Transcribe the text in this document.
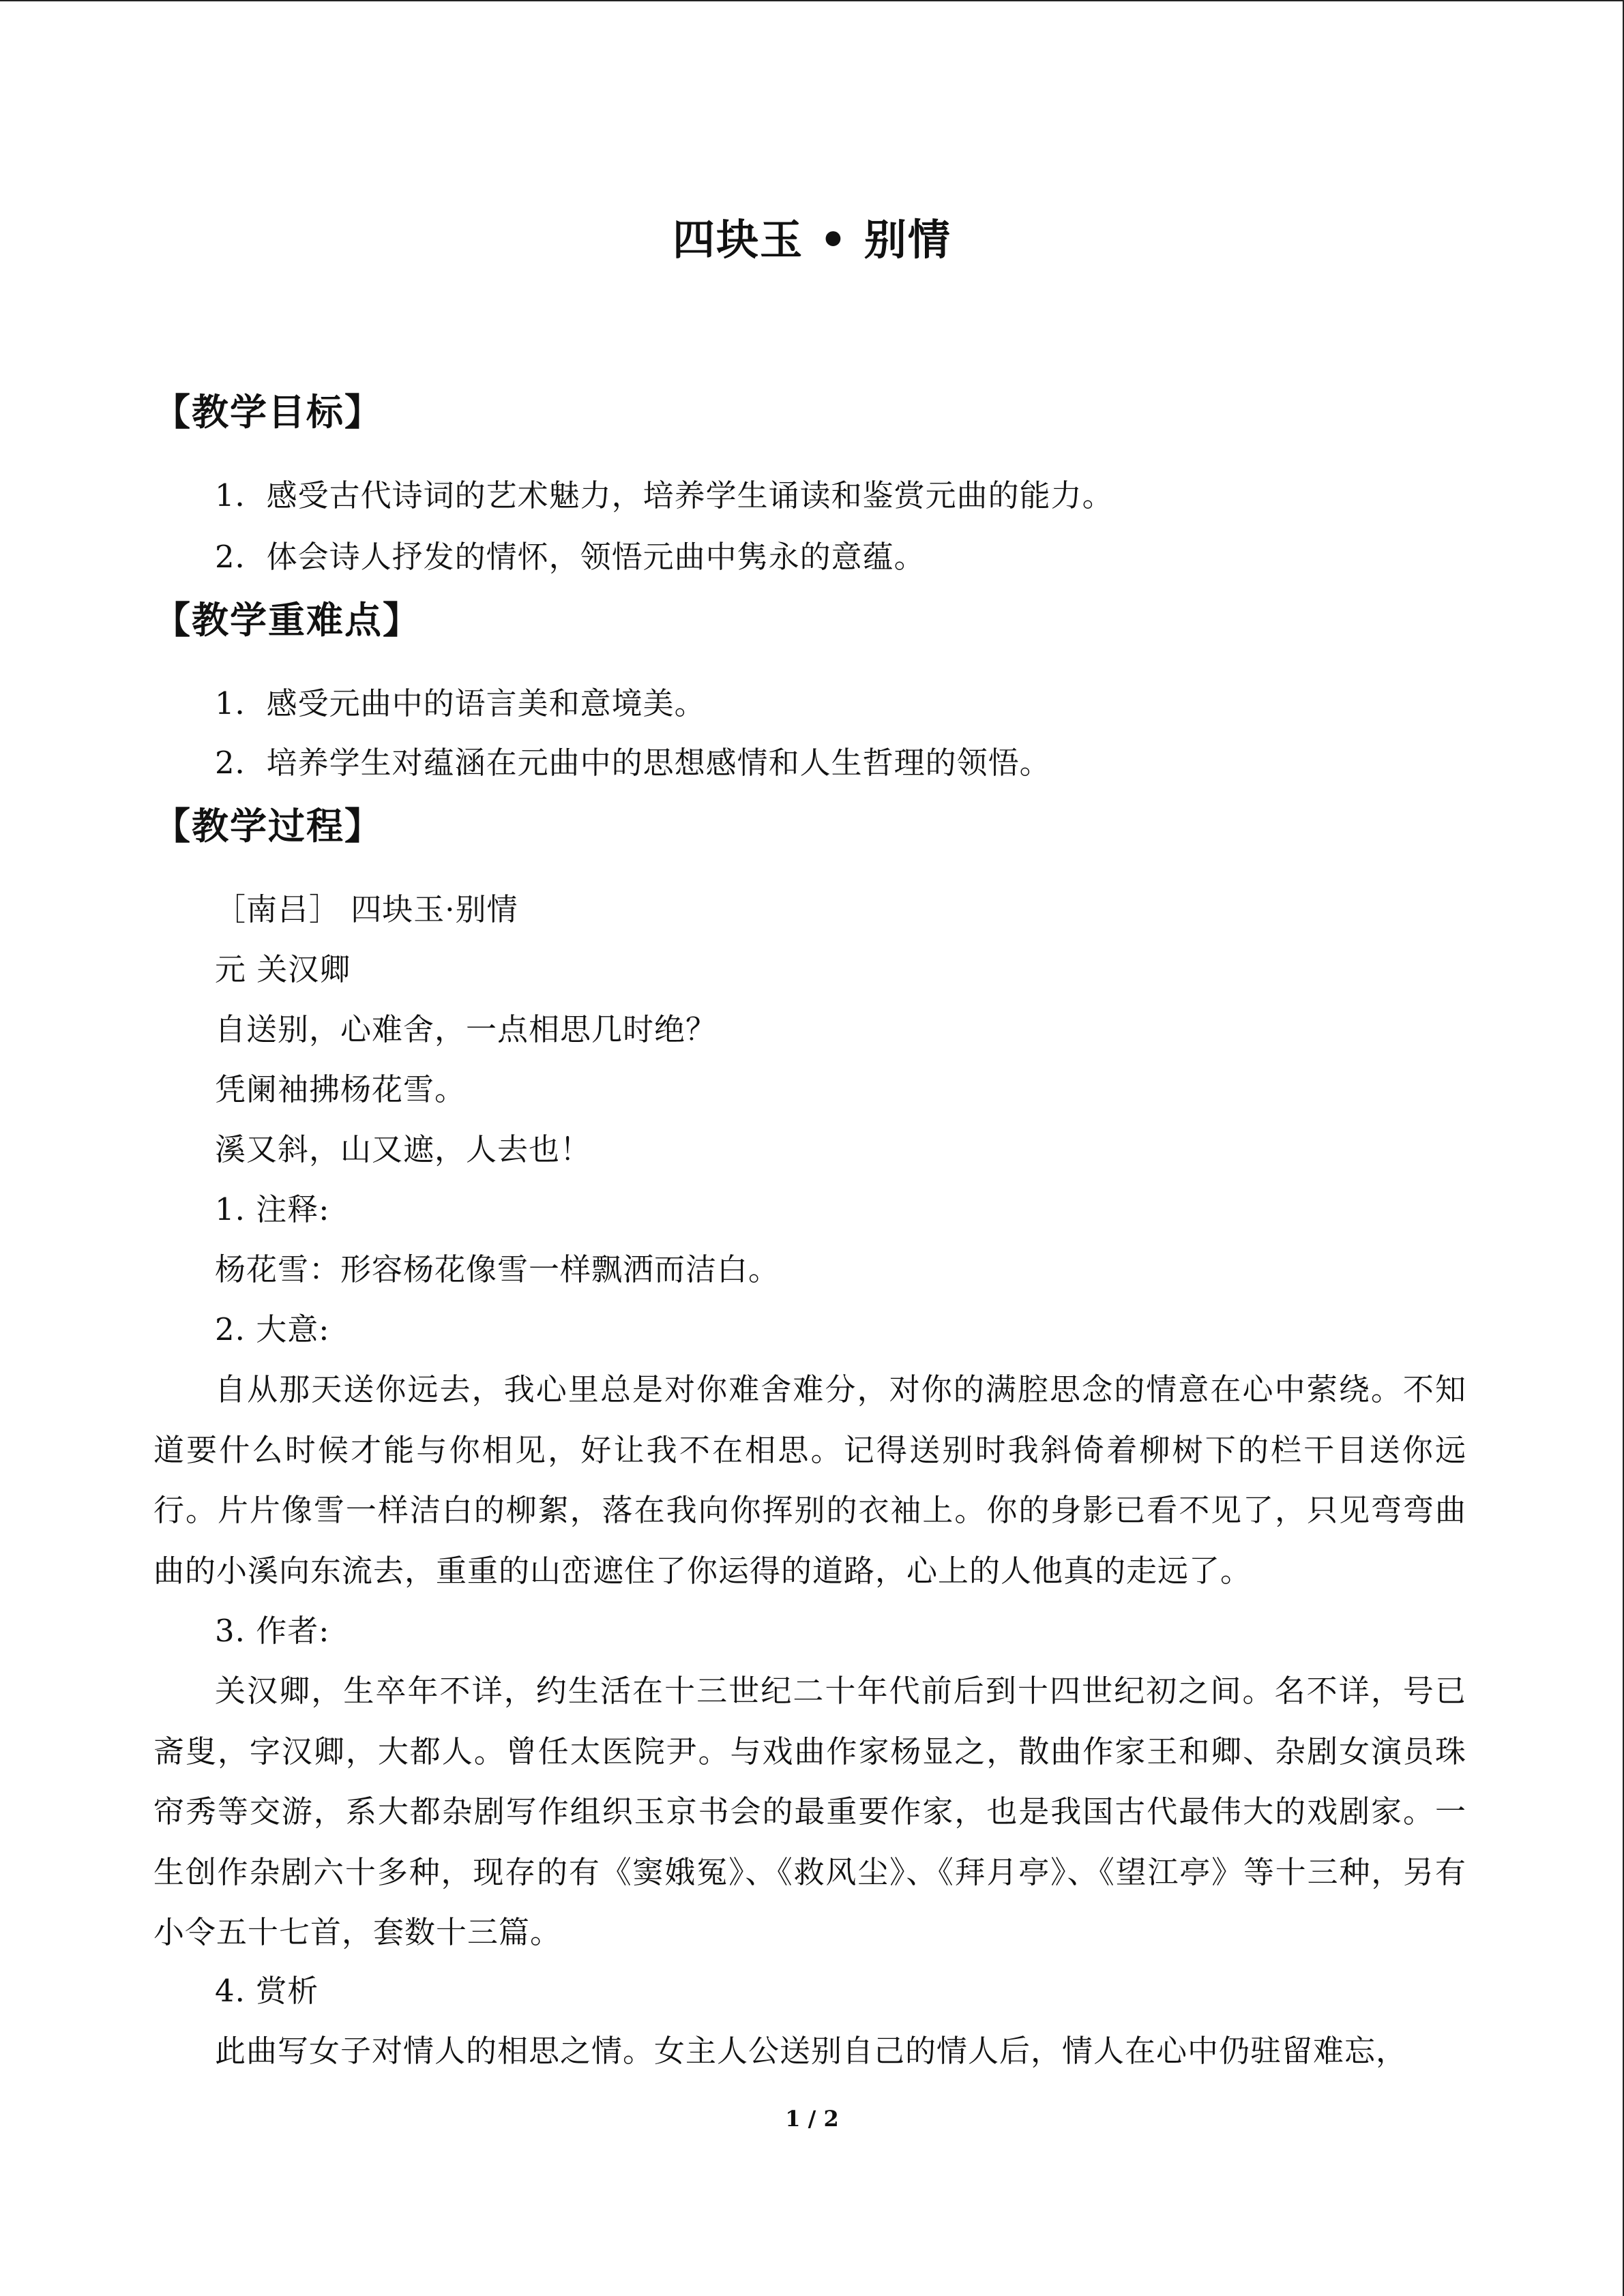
四块玉 • 别情
【教学目标】
1．感受古代诗词的艺术魅力，培养学生诵读和鉴赏元曲的能力。
2．体会诗人抒发的情怀，领悟元曲中隽永的意蕴。
【教学重难点】
1．感受元曲中的语言美和意境美。
2．培养学生对蕴涵在元曲中的思想感情和人生哲理的领悟。
【教学过程】
［南吕］ 四块玉·别情
元 关汉卿
自送别，心难舍，一点相思几时绝？
凭阑袖拂杨花雪。
溪又斜，山又遮，人去也！
1. 注释:
杨花雪：形容杨花像雪一样飘洒而洁白。
2. 大意:

自从那天送你远去，我心里总是对你难舍难分，对你的满腔思念的情意在心中萦绕。不知道要什么时候才能与你相见，好让我不在相思。记得送别时我斜倚着柳树下的栏干目送你远行。片片像雪一样洁白的柳絮，落在我向你挥别的衣袖上。你的身影已看不见了，只见弯弯曲曲的小溪向东流去，重重的山峦遮住了你运得的道路，心上的人他真的走远了。

3. 作者:

关汉卿，生卒年不详，约生活在十三世纪二十年代前后到十四世纪初之间。名不详，号已斋叟，字汉卿，大都人。曾任太医院尹。与戏曲作家杨显之，散曲作家王和卿、杂剧女演员珠帘秀等交游，系大都杂剧写作组织玉京书会的最重要作家，也是我国古代最伟大的戏剧家。一生创作杂剧六十多种，现存的有《窦娥冤》、《救风尘》、《拜月亭》、《望江亭》等十三种，另有小令五十七首，套数十三篇。

4. 赏析

此曲写女子对情人的相思之情。女主人公送别自己的情人后，情人在心中仍驻留难忘，

1 / 2
